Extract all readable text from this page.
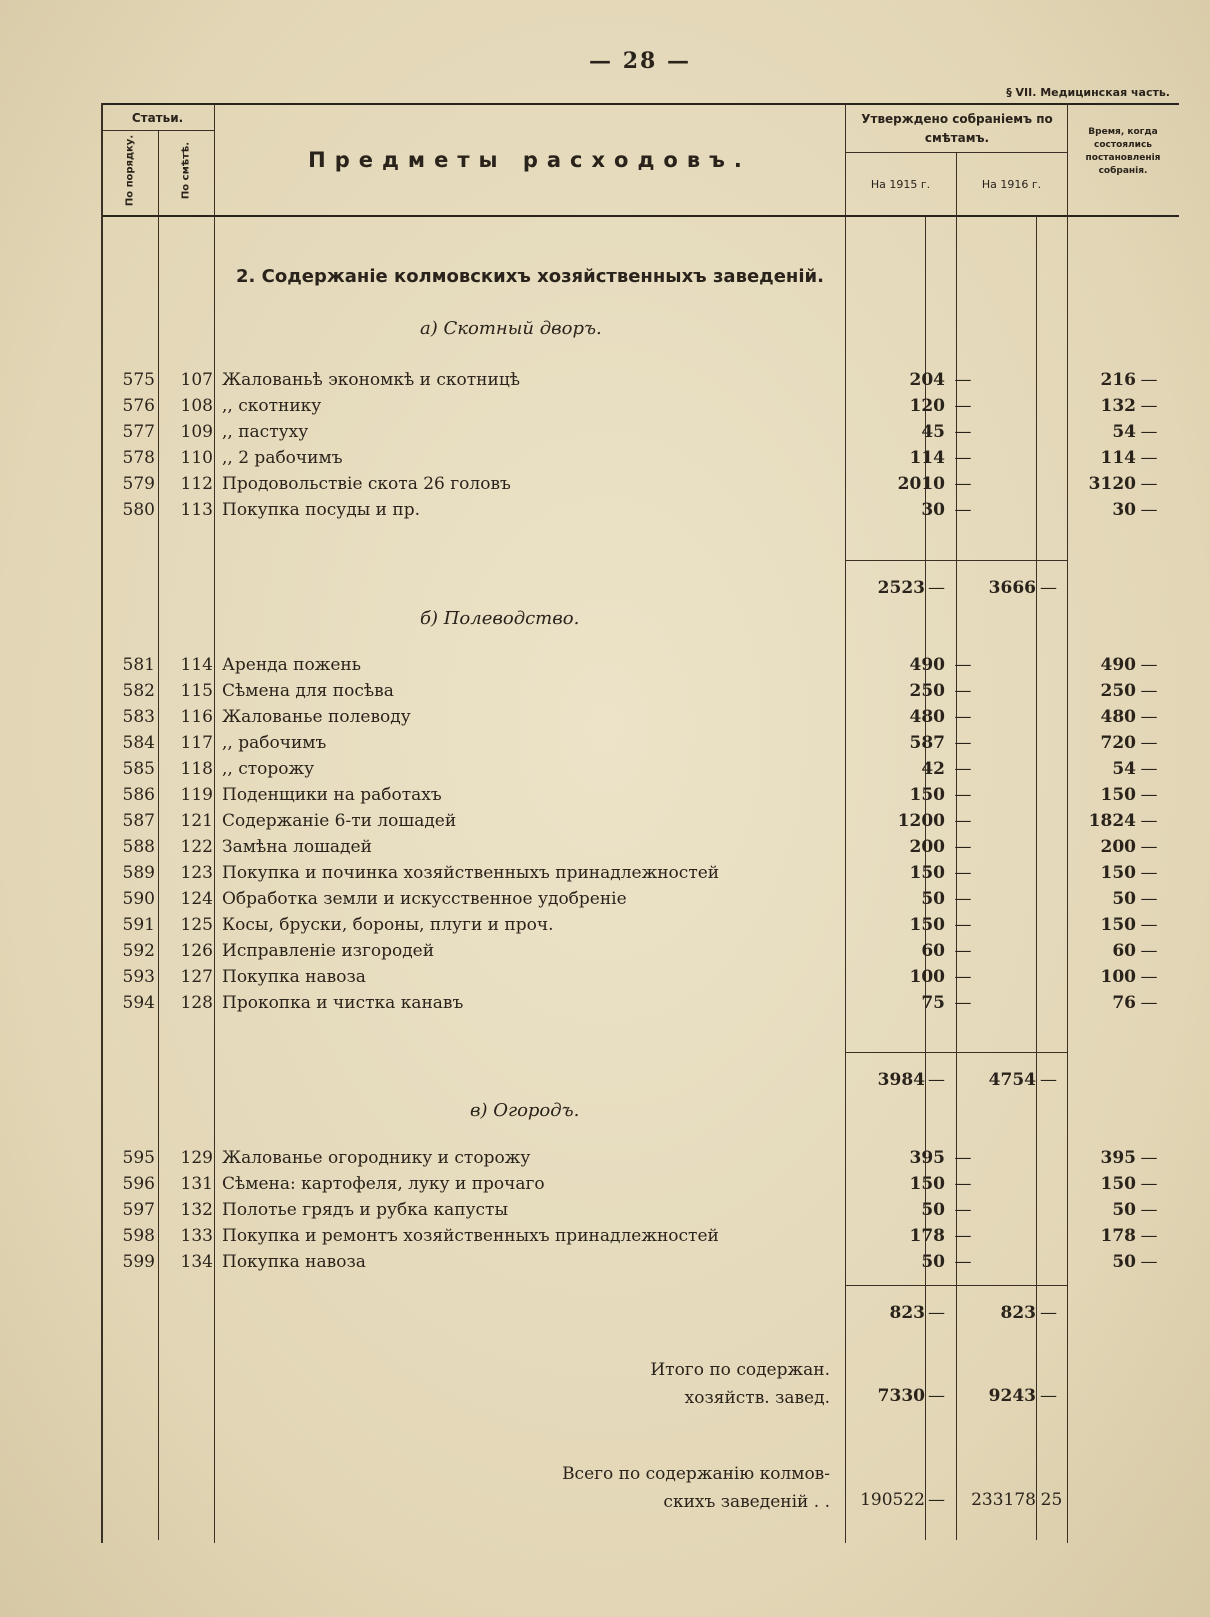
— 28 —
§ VII. Медицинская часть.
Статьи.
По порядку.	По смѣтѣ.	Предметы расходовъ.
Утверждено собраніемъ по смѣтамъ.
На 1915 г.	На 1916 г.
Время, когда состоялись постановленія собранія.
2. Содержаніе колмовскихъ хозяйственныхъ заведеній.
а) Скотный дворъ.
575	107 Жалованьѣ экономкѣ и скотницѣ	204 —	216 —
576	108 ,, скотнику	120 —	132 —
577	109 ,, пастуху	45 —	54 —
578	110 ,, 2 рабочимъ	114 —	114 —
579	112 Продовольствіе скота 26 головъ	2010 —	3120 —
580	113 Покупка посуды и пр.	30 —	30 —
2523 —	3666 —
б) Полеводство.
581	114 Аренда пожень	490 —	490 —
582	115 Сѣмена для посѣва	250 —	250 —
583	116 Жалованье полеводу	480 —	480 —
584	117 ,, рабочимъ	587 —	720 —
585	118 ,, сторожу	42 —	54 —
586	119 Поденщики на работахъ	150 —	150 —
587	121 Содержаніе 6-ти лошадей	1200 —	1824 —
588	122 Замѣна лошадей	200 —	200 —
589	123 Покупка и починка хозяйственныхъ принадлежностей	150 —	150 —
590	124 Обработка земли и искусственное удобреніе	50 —	50 —
591	125 Косы, бруски, бороны, плуги и проч.	150 —	150 —
592	126 Исправленіе изгородей	60 —	60 —
593	127 Покупка навоза	100 —	100 —
594	128 Прокопка и чистка канавъ	75 —	76 —
3984 —	4754 —
в) Огородъ.
595	129 Жалованье огороднику и сторожу	395 —	395 —
596	131 Сѣмена: картофеля, луку и прочаго	150 —	150 —
597	132 Полотье грядъ и рубка капусты	50 —	50 —
598	133 Покупка и ремонтъ хозяйственныхъ принадлежностей	178 —	178 —
599	134 Покупка навоза	50 —	50 —
823 —	823 —
Итого по содержан.
хозяйств. завед.	7330 —	9243 —
Всего по содержанію колмов-
скихъ заведеній . .	190522 —	233178 25
